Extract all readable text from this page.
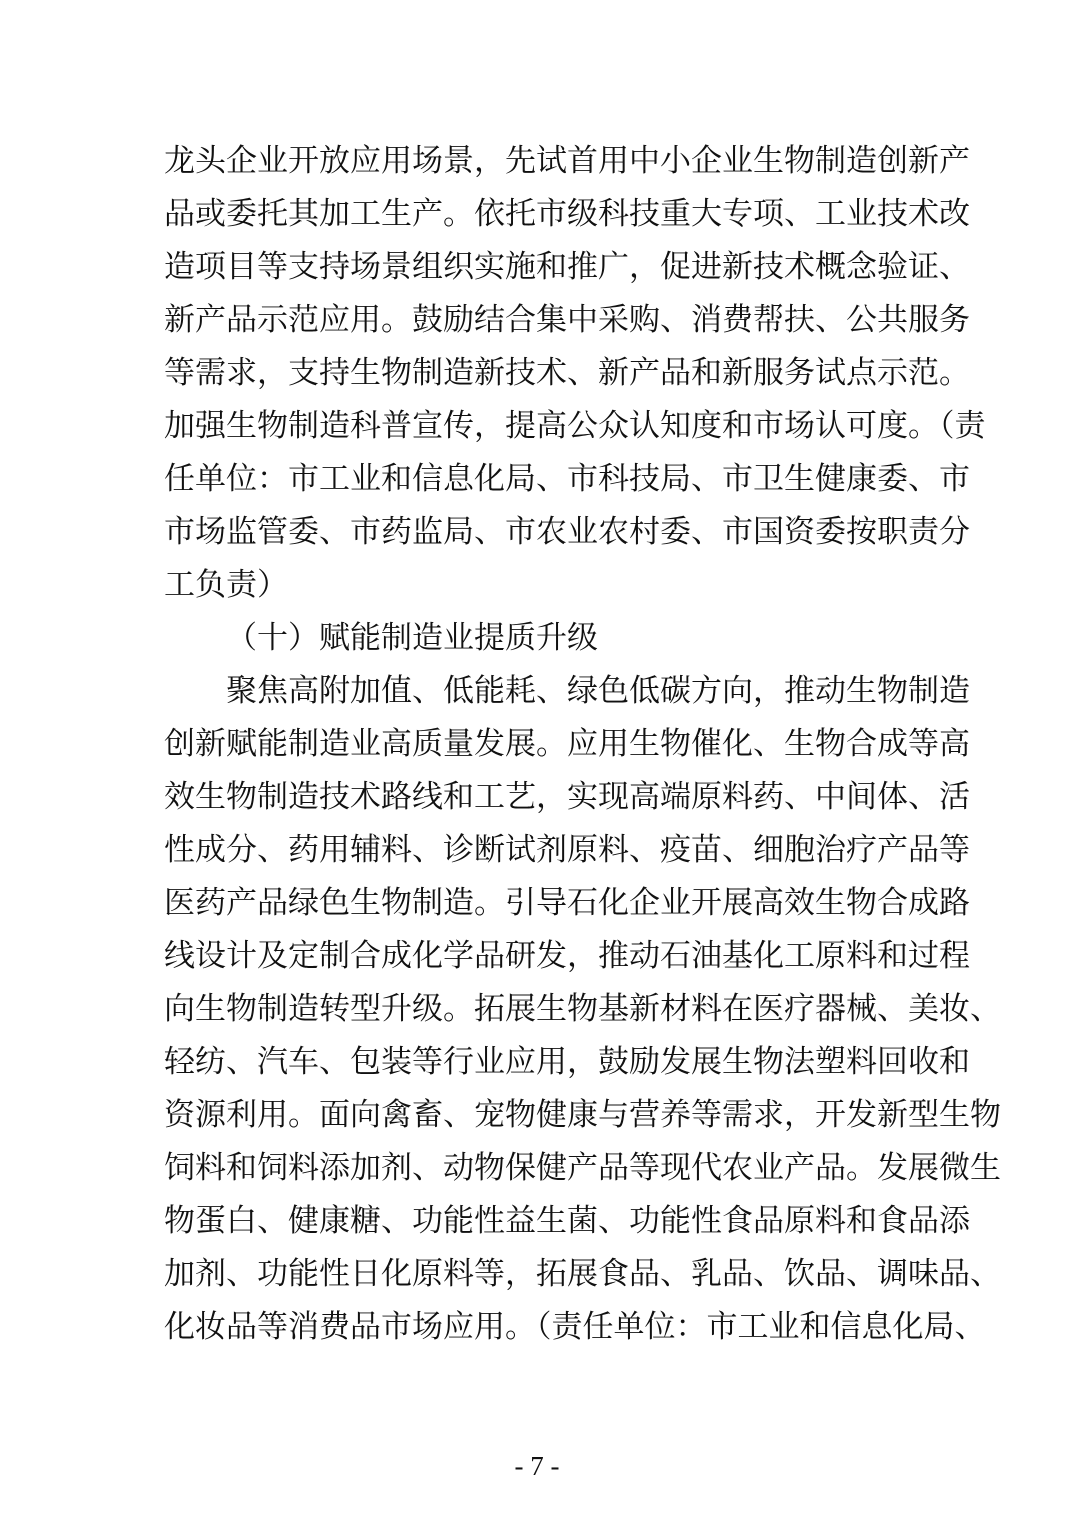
龙头企业开放应用场景，先试首用中小企业生物制造创新产
品或委托其加工生产。依托市级科技重大专项、工业技术改
造项目等支持场景组织实施和推广，促进新技术概念验证、
新产品示范应用。鼓励结合集中采购、消费帮扶、公共服务
等需求，支持生物制造新技术、新产品和新服务试点示范。
加强生物制造科普宣传，提高公众认知度和市场认可度。（责
任单位：市工业和信息化局、市科技局、市卫生健康委、市
市场监管委、市药监局、市农业农村委、市国资委按职责分
工负责）
（十）赋能制造业提质升级
聚焦高附加值、低能耗、绿色低碳方向，推动生物制造
创新赋能制造业高质量发展。应用生物催化、生物合成等高
效生物制造技术路线和工艺，实现高端原料药、中间体、活
性成分、药用辅料、诊断试剂原料、疫苗、细胞治疗产品等
医药产品绿色生物制造。引导石化企业开展高效生物合成路
线设计及定制合成化学品研发，推动石油基化工原料和过程
向生物制造转型升级。拓展生物基新材料在医疗器械、美妆、
轻纺、汽车、包装等行业应用，鼓励发展生物法塑料回收和
资源利用。面向禽畜、宠物健康与营养等需求，开发新型生物
饲料和饲料添加剂、动物保健产品等现代农业产品。发展微生
物蛋白、健康糖、功能性益生菌、功能性食品原料和食品添
加剂、功能性日化原料等，拓展食品、乳品、饮品、调味品、
化妆品等消费品市场应用。（责任单位：市工业和信息化局、
- 7 -
